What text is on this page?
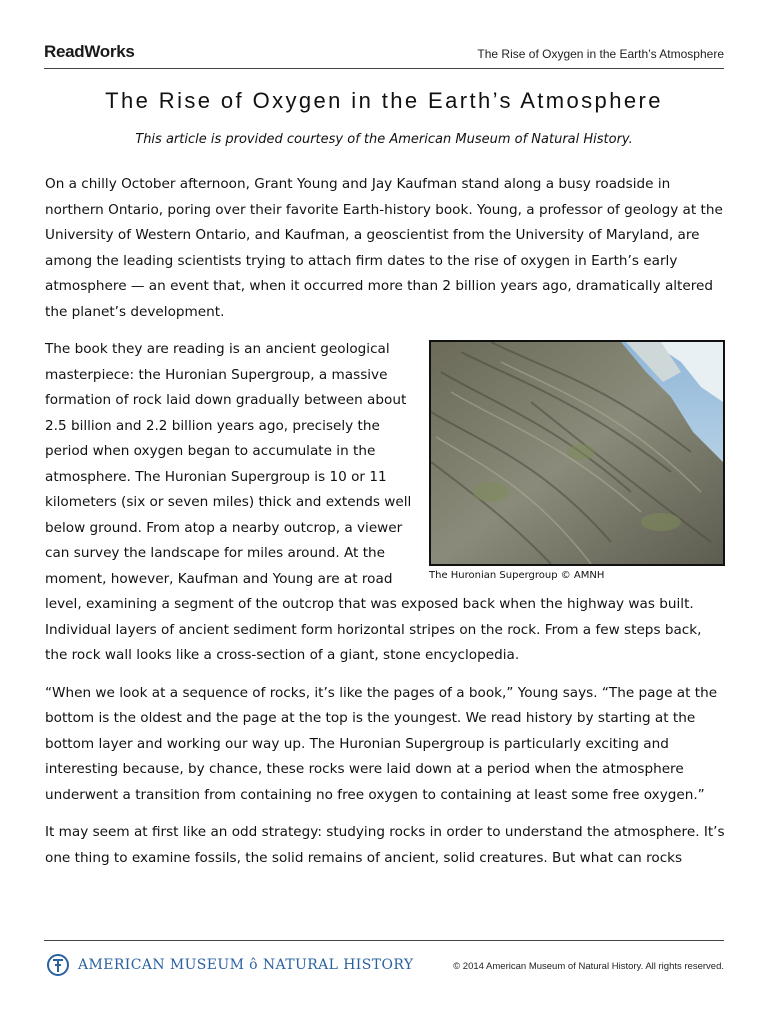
ReadWorks	The Rise of Oxygen in the Earth’s Atmosphere
The Rise of Oxygen in the Earth’s Atmosphere
This article is provided courtesy of the American Museum of Natural History.

On a chilly October afternoon, Grant Young and Jay Kaufman stand along a busy roadside in northern Ontario, poring over their favorite Earth-history book. Young, a professor of geology at the University of Western Ontario, and Kaufman, a geoscientist from the University of Maryland, are among the leading scientists trying to attach firm dates to the rise of oxygen in Earth’s early atmosphere — an event that, when it occurred more than 2 billion years ago, dramatically altered the planet’s development.

The Huronian Supergroup © AMNH

The book they are reading is an ancient geological masterpiece: the Huronian Supergroup, a massive formation of rock laid down gradually between about 2.5 billion and 2.2 billion years ago, precisely the period when oxygen began to accumulate in the atmosphere. The Huronian Supergroup is 10 or 11 kilometers (six or seven miles) thick and extends well below ground. From atop a nearby outcrop, a viewer can survey the landscape for miles around. At the moment, however, Kaufman and Young are at road level, examining a segment of the outcrop that was exposed back when the highway was built. Individual layers of ancient sediment form horizontal stripes on the rock. From a few steps back, the rock wall looks like a cross-section of a giant, stone encyclopedia.

“When we look at a sequence of rocks, it’s like the pages of a book,” Young says. “The page at the bottom is the oldest and the page at the top is the youngest. We read history by starting at the bottom layer and working our way up. The Huronian Supergroup is particularly exciting and interesting because, by chance, these rocks were laid down at a period when the atmosphere underwent a transition from containing no free oxygen to containing at least some free oxygen.”

It may seem at first like an odd strategy: studying rocks in order to understand the atmosphere. It’s one thing to examine fossils, the solid remains of ancient, solid creatures. But what can rocks

AMERICAN MUSEUM ô NATURAL HISTORY	© 2014 American Museum of Natural History. All rights reserved.
